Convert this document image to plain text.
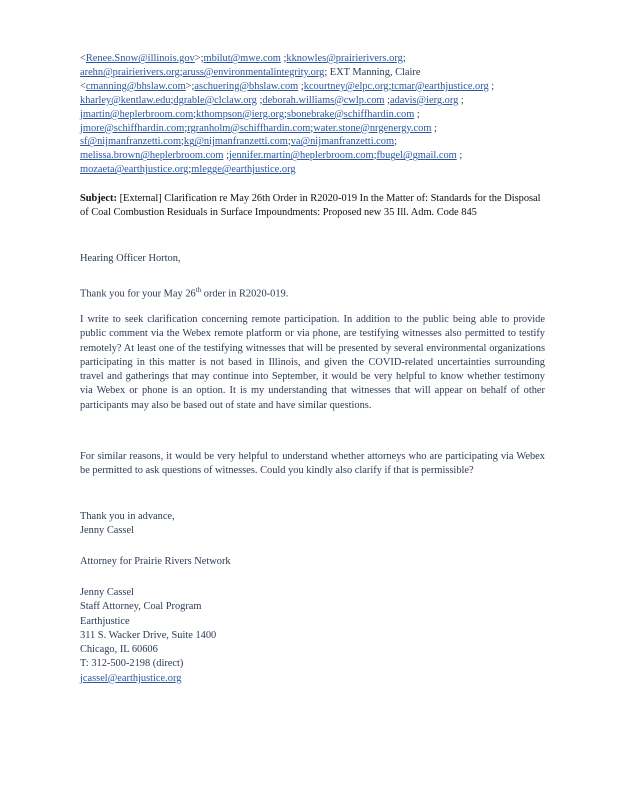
<Renee.Snow@illinois.gov>;mbilut@mwe.com ;kknowles@prairierivers.org;
arehn@prairierivers.org;aruss@environmentalintegrity.org; EXT Manning, Claire
<cmanning@bhslaw.com>;aschuering@bhslaw.com ;kcourtney@elpc.org;tcmar@earthjustice.org ;
kharley@kentlaw.edu;dgrable@clclaw.org ;deborah.williams@cwlp.com ;adavis@ierg.org ;
jmartin@heplerbroom.com;kthompson@ierg.org;sbonebrake@schiffhardin.com ;
jmore@schiffhardin.com;rgranholm@schiffhardin.com;water.stone@nrgenergy.com ;
sf@nijmanfranzetti.com;kg@nijmanfranzetti.com;va@nijmanfranzetti.com;
melissa.brown@heplerbroom.com ;jennifer.martin@heplerbroom.com;fbugel@gmail.com ;
mozaeta@earthjustice.org;mlegge@earthjustice.org
Subject: [External] Clarification re May 26th Order in R2020-019 In the Matter of: Standards for the Disposal of Coal Combustion Residuals in Surface Impoundments: Proposed new 35 Ill. Adm. Code 845
Hearing Officer Horton,
Thank you for your May 26th order in R2020-019.
I write to seek clarification concerning remote participation. In addition to the public being able to provide public comment via the Webex remote platform or via phone, are testifying witnesses also permitted to testify remotely? At least one of the testifying witnesses that will be presented by several environmental organizations participating in this matter is not based in Illinois, and given the COVID-related uncertainties surrounding travel and gatherings that may continue into September, it would be very helpful to know whether testimony via Webex or phone is an option. It is my understanding that witnesses that will appear on behalf of other participants may also be based out of state and have similar questions.
For similar reasons, it would be very helpful to understand whether attorneys who are participating via Webex be permitted to ask questions of witnesses. Could you kindly also clarify if that is permissible?
Thank you in advance,
Jenny Cassel
Attorney for Prairie Rivers Network
Jenny Cassel
Staff Attorney, Coal Program
Earthjustice
311 S. Wacker Drive, Suite 1400
Chicago, IL 60606
T: 312-500-2198 (direct)
jcassel@earthjustice.org
